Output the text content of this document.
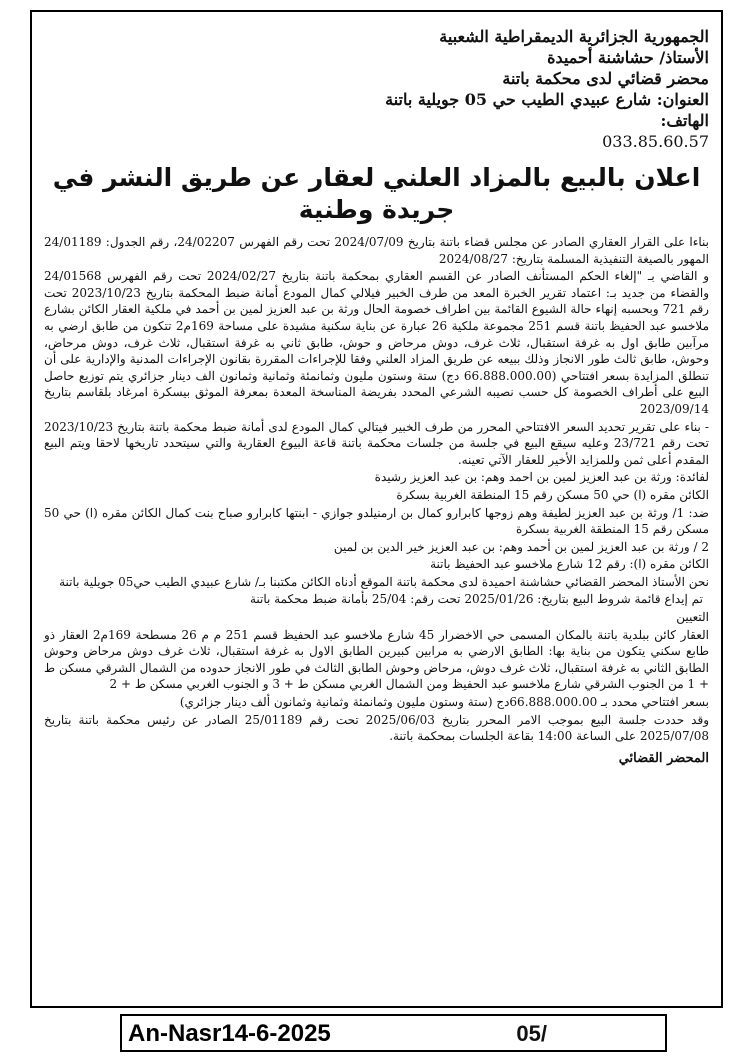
الجمهورية الجزائرية الديمقراطية الشعبية

الأستاذ/ حشاشنة أحميدة

محضر قضائي لدى محكمة باتنة

العنوان: شارع عبيدي الطيب حي 05 جويلية باتنة

الهاتف:
033.85.60.57

اعلان بالبيع بالمزاد العلني لعقار عن طريق النشر في جريدة وطنية

بناءا على القرار العقاري الصادر عن مجلس قضاء باتنة بتاريخ 2024/07/09 تحت رقم الفهرس 24/02207، رقم الجدول: 24/01189 المهور بالصيغة التنفيذية المسلمة بتاريخ: 2024/08/27

و القاضي بـ "إلغاء الحكم المستأنف الصادر عن القسم العقاري بمحكمة باتنة بتاريخ 2024/02/27 تحت رقم الفهرس 24/01568 والقضاء من جديد بـ: اعتماد تقرير الخبرة المعد من طرف الخبير فيلالي كمال المودع أمانة ضبط المحكمة بتاريخ 2023/10/23 تحت رقم 721 وبحسبه إنهاء حالة الشيوع القائمة بين اطراف خصومة الحال ورثة بن عبد العزيز لمين بن أحمد في ملكية العقار الكائن بشارع ملاخسو عبد الحفيظ باتنة قسم 251 مجموعة ملكية 26 عبارة عن بناية سكنية مشيدة على مساحة 169م2 تتكون من طابق ارضي به مرآبين طابق اول به غرفة استقبال، ثلاث غرف، دوش مرحاض و حوش، طابق ثاني به غرفة استقبال، ثلاث غرف، دوش مرحاض، وحوش، طابق ثالث طور الانجاز وذلك ببيعه عن طريق المزاد العلني وفقا للإجراءات المقررة بقانون الإجراءات المدنية والإدارية على أن تنطلق المزايدة بسعر افتتاحي (66.888.000.00 دج) ستة وستون مليون وثمانمئة وثمانية وثمانون الف دينار جزائري يتم توزيع حاصل البيع على أطراف الخصومة كل حسب نصيبه الشرعي المحدد بفريضة المناسخة المعدة بمعرفة الموثق بيسكرة امرغاد بلقاسم بتاريخ 2023/09/14

- بناء على تقرير تحديد السعر الافتتاحي المحرر من طرف الخبير فيتالي كمال المودع لدى أمانة ضبط محكمة باتنة بتاريخ 2023/10/23 تحت رقم 23/721 وعليه سيقع البيع في جلسة من جلسات محكمة باتنة قاعة البيوع العقارية والتي سيتحدد تاريخها لاحقا ويتم البيع المقدم أعلى ثمن وللمزايد الأخير للعقار الآتي تعينه.

لفائدة: ورثة بن عبد العزيز لمين بن احمد وهم: بن عبد العزيز رشيدة

الكائن مقره (ا) حي 50 مسكن رقم 15 المنطقة الغربية بسكرة

ضد: 1/ ورثة بن عبد العزيز لطيفة وهم زوجها كابرارو كمال بن ارمنيلدو جوازي - ابنتها كابرارو صباح بنت كمال الكائن مقره (ا) حي 50 مسكن رقم 15 المنطقة الغربية بسكرة

2 / ورثة بن عبد العزيز لمين بن أحمد وهم: بن عبد العزيز خير الدين بن لمين

الكائن مقره (ا): رقم 12 شارع ملاخسو عبد الحفيظ باتنة

نحن الأستاذ المحضر القضائي حشاشنة احميدة لدى محكمة باتنة الموقع أدناه الكائن مكتبنا بـ/ شارع عبيدي الطيب حي05 جويلية باتنة

تم إيداع قائمة شروط البيع بتاريخ: 2025/01/26 تحت رقم: 25/04 بأمانة ضبط محكمة باتنة

التعيين

العقار كائن ببلدية باتنة بالمكان المسمى حي الاخضرار 45 شارع ملاخسو عبد الحفيظ قسم 251 م م 26 مسطحة 169م2 العقار ذو طابع سكني يتكون من بناية بها: الطابق الارضي به مرابين كبيرين الطابق الاول به غرفة استقبال، ثلاث غرف دوش مرحاض وحوش الطابق الثاني به غرفة استقبال، ثلاث غرف دوش، مرحاض وحوش الطابق الثالث في طور الانجاز حدوده من الشمال الشرقي مسكن ط + 1 من الجنوب الشرقي شارع ملاخسو عبد الحفيظ ومن الشمال الغربي مسكن ط + 3 و الجنوب الغربي مسكن ط + 2

بسعر افتتاحي محدد بـ 66.888.000.00دج (ستة وستون مليون وثمانمئة وثمانية وثمانون ألف دينار جزائري)

وقد حددت جلسة البيع بموجب الامر المحرر بتاريخ 2025/06/03 تحت رقم 25/01189 الصادر عن رئيس محكمة باتنة بتاريخ 2025/07/08 على الساعة 14:00 بقاعة الجلسات بمحكمة باتنة.

المحضر القضائي
An-Nasr14-6-2025	05/
